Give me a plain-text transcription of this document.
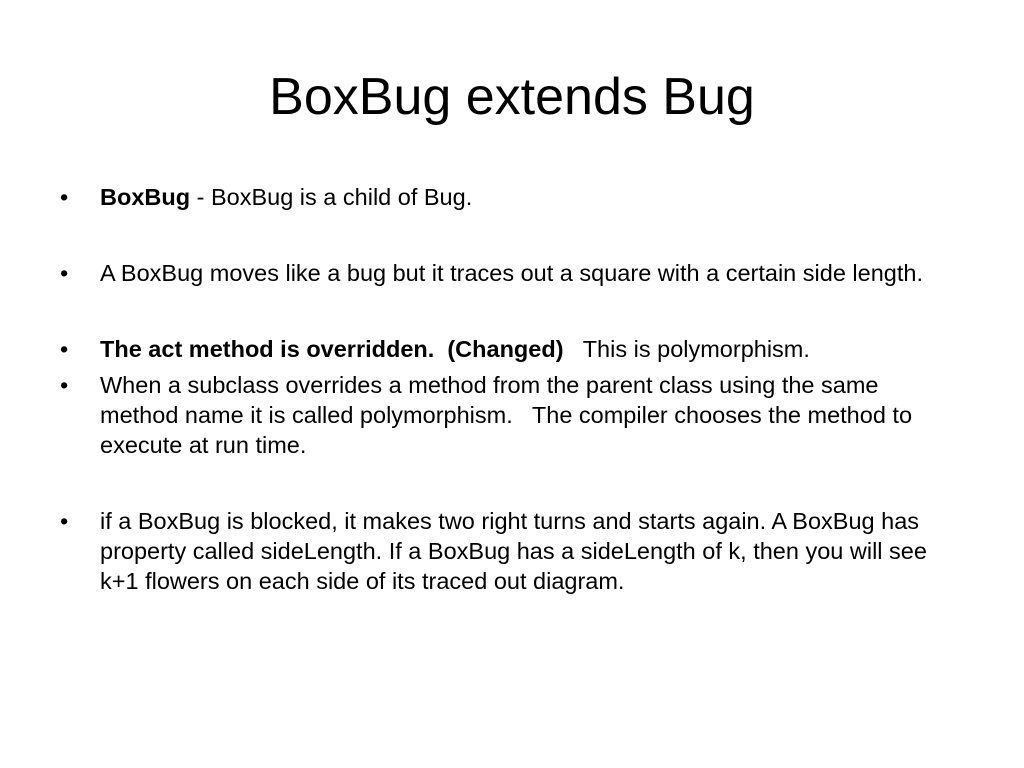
BoxBug extends Bug
•	BoxBug - BoxBug is a child of Bug.
•	A BoxBug moves like a bug but it traces out a square with a certain side length.
•	The act method is overridden.  (Changed)   This is polymorphism.
•	When a subclass overrides a method from the parent class using the same method name it is called polymorphism.   The compiler chooses the method to execute at run time.
•	if a BoxBug is blocked, it makes two right turns and starts again. A BoxBug has property called sideLength. If a BoxBug has a sideLength of k, then you will see k+1 flowers on each side of its traced out diagram.
